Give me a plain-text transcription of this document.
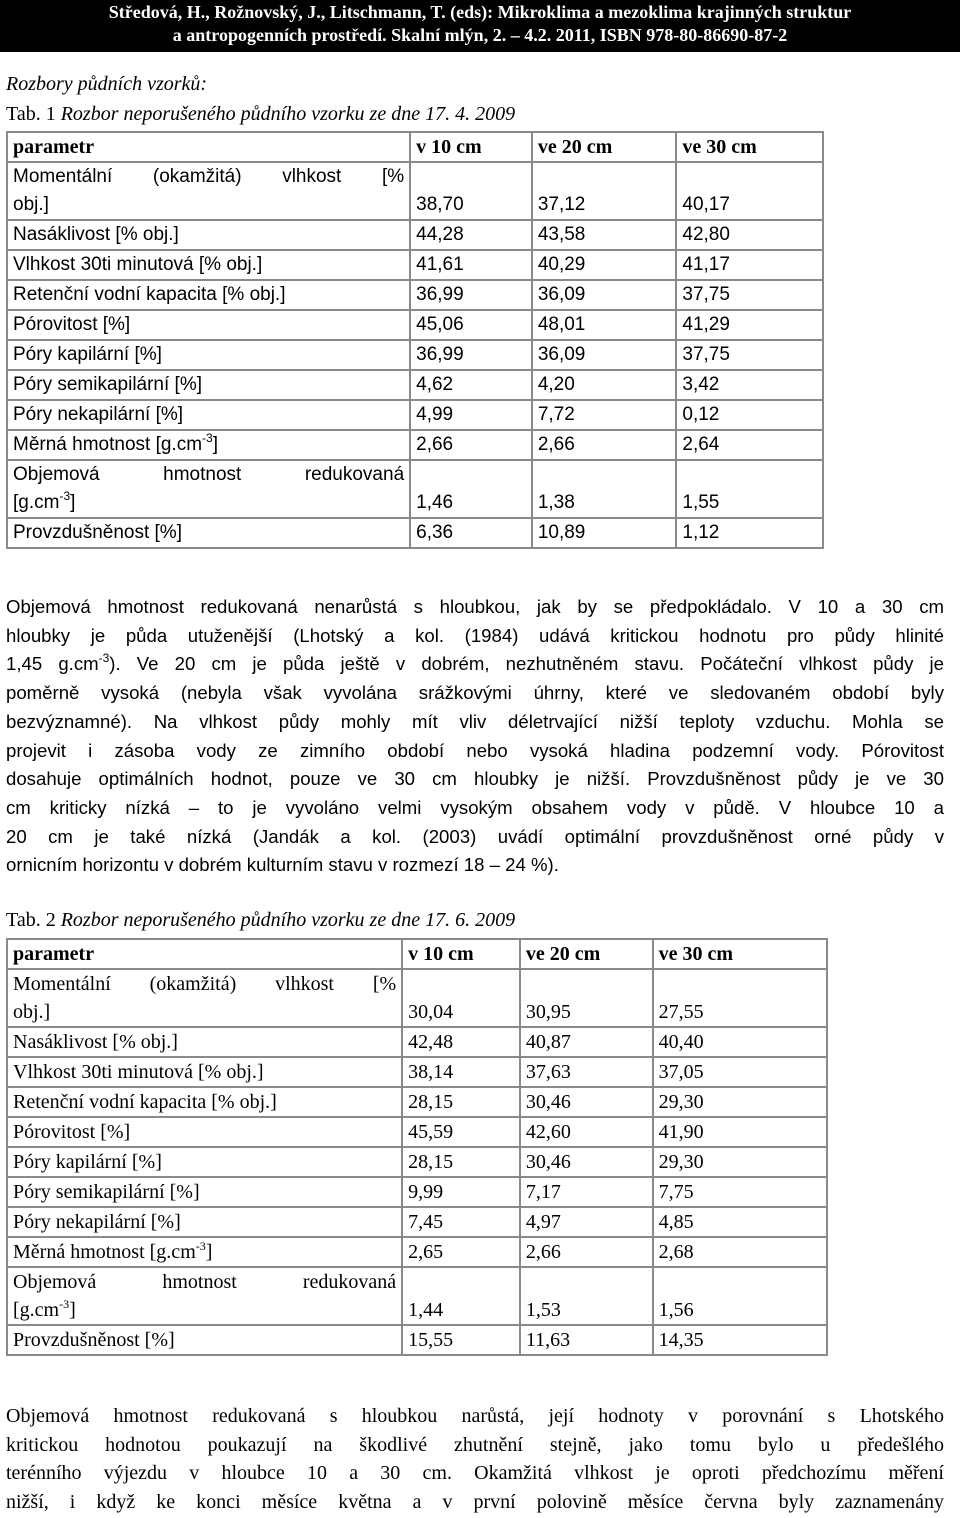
Středová, H., Rožnovský, J., Litschmann, T. (eds): Mikroklima a mezoklima krajinných struktur
a antropogenních prostředí. Skalní mlýn, 2. – 4.2. 2011, ISBN 978-80-86690-87-2
Rozbory půdních vzorků:
Tab. 1 Rozbor neporušeného půdního vzorku ze dne 17. 4. 2009
parametr	v 10 cm	ve 20 cm	ve 30 cm

Momentální (okamžitá) vlhkost [%
obj.]	38,70	37,12	40,17
Nasáklivost [% obj.]	44,28	43,58	42,80
Vlhkost 30ti minutová [% obj.]	41,61	40,29	41,17
Retenční vodní kapacita [% obj.]	36,99	36,09	37,75
Pórovitost [%]	45,06	48,01	41,29
Póry kapilární [%]	36,99	36,09	37,75
Póry semikapilární [%]	4,62	4,20	3,42
Póry nekapilární [%]	4,99	7,72	0,12
Měrná hmotnost $[g.cm^{-3}]$	2,66	2,66	2,64

Objemová hmotnost redukovaná
$[g.cm^{-3}]$	1,46	1,38	1,55
Provzdušněnost [%]	6,36	10,89	1,12
Objemová hmotnost redukovaná nenarůstá s hloubkou, jak by se předpokládalo. V 10 a 30 cm
hloubky je půda utuženější (Lhotský a kol. (1984) udává kritickou hodnotu pro půdy hlinité
1,45 $g.cm^{-3}$). Ve 20 cm je půda ještě v dobrém, nezhutněném stavu. Počáteční vlhkost půdy je
poměrně vysoká (nebyla však vyvolána srážkovými úhrny, které ve sledovaném období byly
bezvýznamné). Na vlhkost půdy mohly mít vliv déletrvající nižší teploty vzduchu. Mohla se
projevit i zásoba vody ze zimního období nebo vysoká hladina podzemní vody. Pórovitost
dosahuje optimálních hodnot, pouze ve 30 cm hloubky je nižší. Provzdušněnost půdy je ve 30
cm kriticky nízká – to je vyvoláno velmi vysokým obsahem vody v půdě. V hloubce 10 a
20 cm je také nízká (Jandák a kol. (2003) uvádí optimální provzdušněnost orné půdy v
ornicním horizontu v dobrém kulturním stavu v rozmezí 18 – 24 %).
Tab. 2 Rozbor neporušeného půdního vzorku ze dne 17. 6. 2009
parametr	v 10 cm	ve 20 cm	ve 30 cm

Momentální (okamžitá) vlhkost [%
obj.]	30,04	30,95	27,55
Nasáklivost [% obj.]	42,48	40,87	40,40
Vlhkost 30ti minutová [% obj.]	38,14	37,63	37,05
Retenční vodní kapacita [% obj.]	28,15	30,46	29,30
Pórovitost [%]	45,59	42,60	41,90
Póry kapilární [%]	28,15	30,46	29,30
Póry semikapilární [%]	9,99	7,17	7,75
Póry nekapilární [%]	7,45	4,97	4,85
Měrná hmotnost $[g.cm^{-3}]$	2,65	2,66	2,68

Objemová hmotnost redukovaná
$[g.cm^{-3}]$	1,44	1,53	1,56
Provzdušněnost [%]	15,55	11,63	14,35
Objemová hmotnost redukovaná s hloubkou narůstá, její hodnoty v porovnání s Lhotského
kritickou hodnotou poukazují na škodlivé zhutnění stejně, jako tomu bylo u předešlého
terénního výjezdu v hloubce 10 a 30 cm. Okamžitá vlhkost je oproti předchozímu měření
nižší, i když ke konci měsíce května a v první polovině měsíce června byly zaznamenány
